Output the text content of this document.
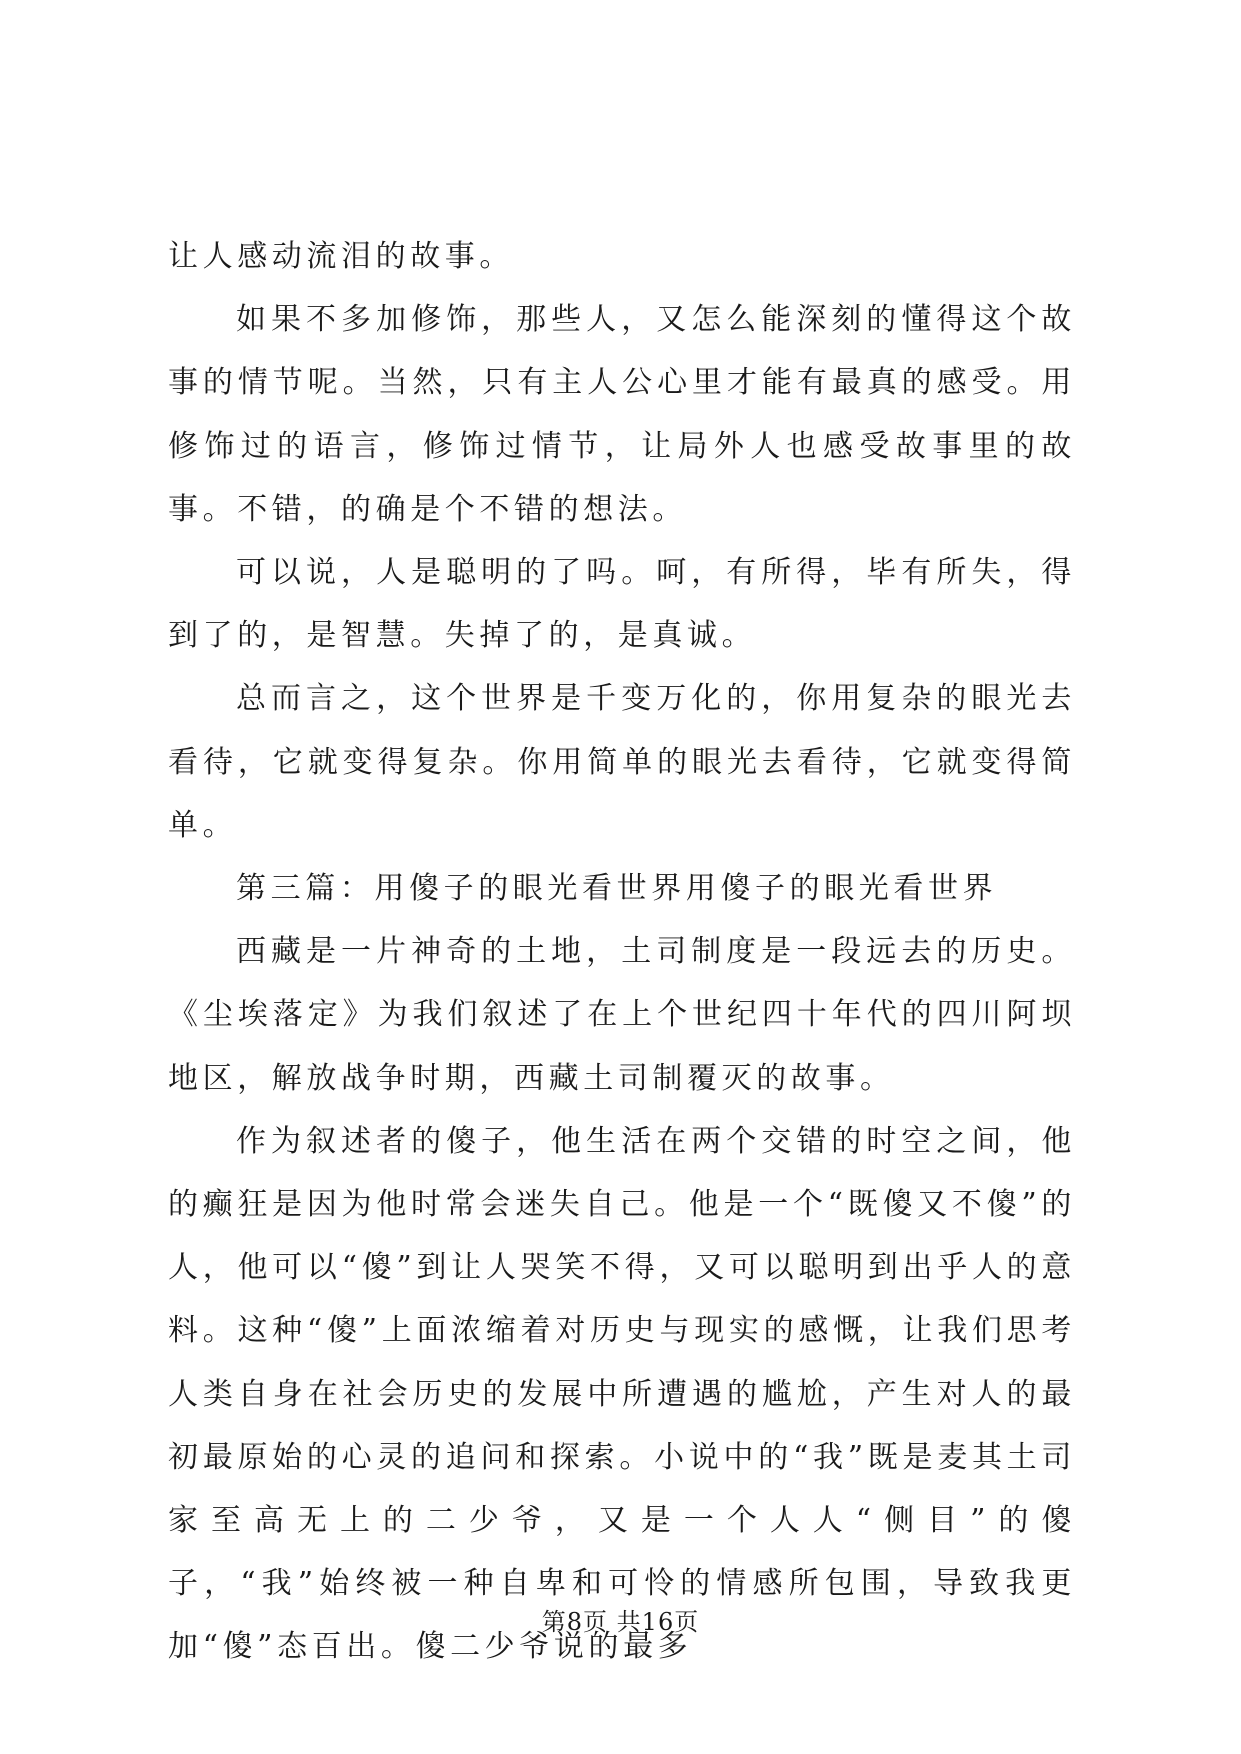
让人感动流泪的故事。

如果不多加修饰，那些人，又怎么能深刻的懂得这个故事的情节呢。当然，只有主人公心里才能有最真的感受。用修饰过的语言，修饰过情节，让局外人也感受故事里的故事。不错，的确是个不错的想法。

可以说，人是聪明的了吗。呵，有所得，毕有所失，得到了的，是智慧。失掉了的，是真诚。

总而言之，这个世界是千变万化的，你用复杂的眼光去看待，它就变得复杂。你用简单的眼光去看待，它就变得简单。

第三篇：用傻子的眼光看世界用傻子的眼光看世界

西藏是一片神奇的土地，土司制度是一段远去的历史。《尘埃落定》为我们叙述了在上个世纪四十年代的四川阿坝地区，解放战争时期，西藏土司制覆灭的故事。

作为叙述者的傻子，他生活在两个交错的时空之间，他的癫狂是因为他时常会迷失自己。他是一个“既傻又不傻”的人，他可以“傻”到让人哭笑不得，又可以聪明到出乎人的意料。这种“傻”上面浓缩着对历史与现实的感慨，让我们思考人类自身在社会历史的发展中所遭遇的尴尬，产生对人的最初最原始的心灵的追问和探索。小说中的“我”既是麦其土司家至高无上的二少爷，又是一个人人“侧目”的傻子，“我”始终被一种自卑和可怜的情感所包围，导致我更加“傻”态百出。傻二少爷说的最多

第8页 共16页
